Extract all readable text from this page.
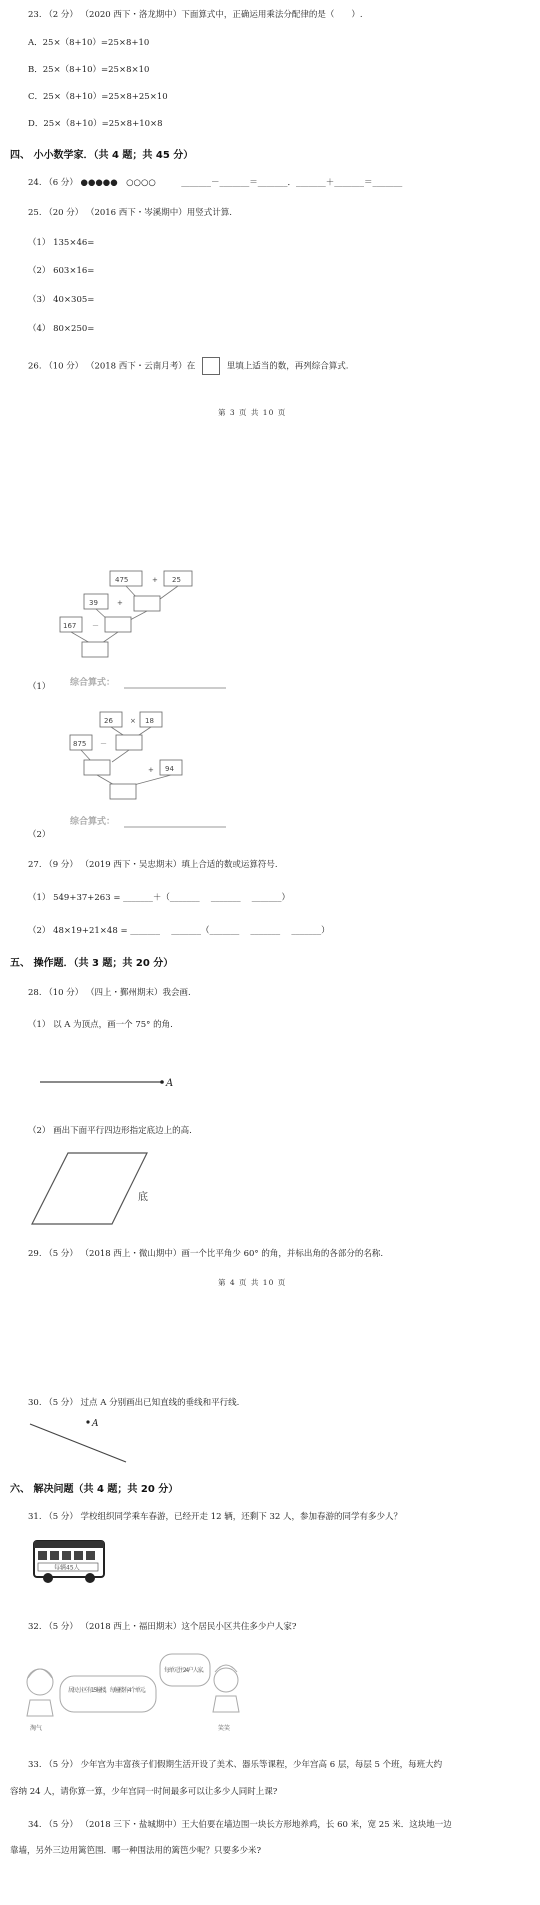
23. （2 分） （2020 西下・洛龙期中）下面算式中，正确运用乘法分配律的是（　　）.
A．25×（8+10）=25×8+10
B．25×（8+10）=25×8×10
C．25×（8+10）=25×8+25×10
D．25×（8+10）=25×8+10×8
四、 小小数学家．（共 4 题；共 45 分）
24. （6 分） ●●●●●　○○○○　　　_______－_______＝_______．_______＋_______＝_______
25. （20 分） （2016 西下・岑溪期中）用竖式计算.
（1） 135×46=
（2） 603×16=
（3） 40×305=
（4） 80×250=
26. （10 分） （2018 西下・云南月考）在	里填上适当的数，再列综合算式.
第 3 页 共 10 页
475	+ 25
39	+
167 －
综合算式：
（1）
26 × 18
875 －
+ 94
综合算式：
（2）
27. （9 分） （2019 西下・吴忠期末）填上合适的数或运算符号.
（1） 549+37+263 = _______＋（_______ 　_______ 　_______）
（2） 48×19+21×48 = _______ 　_______（_______ 　_______ 　_______）
五、 操作题．（共 3 题；共 20 分）
28. （10 分） （四上・鄞州期末）我会画.
（1） 以 A 为顶点，画一个 75° 的角.
A
（2） 画出下面平行四边形指定底边上的高.
底
29. （5 分） （2018 西上・微山期中）画一个比平角少 60° 的角，并标出角的各部分的名称.
第 4 页 共 10 页
30. （5 分） 过点 A 分别画出已知直线的垂线和平行线.
A
六、 解决问题（共 4 题；共 20 分）
31. （5 分） 学校组织同学乘车春游，已经开走 12 辆，还剩下 32 人，参加春游的同学有多少人？
每辆45人
32. （5 分） （2018 西上・福田期末）这个居民小区共住多少户人家?
淘气
居民小区有15幢楼，每幢楼有4个单元。
每单元住24户人家。
笑笑
33. （5 分） 少年宫为丰富孩子们假期生活开设了美术、器乐等课程，少年宫高 6 层，每层 5 个班，每班大约
容纳 24 人，请你算一算，少年宫同一时间最多可以让多少人同时上课?
34. （5 分） （2018 三下・盐城期中）王大伯要在墙边围一块长方形地养鸡，长 60 米，宽 25 米．这块地一边
靠墙，另外三边用篱笆围．哪一种围法用的篱笆少呢？只要多少米?
